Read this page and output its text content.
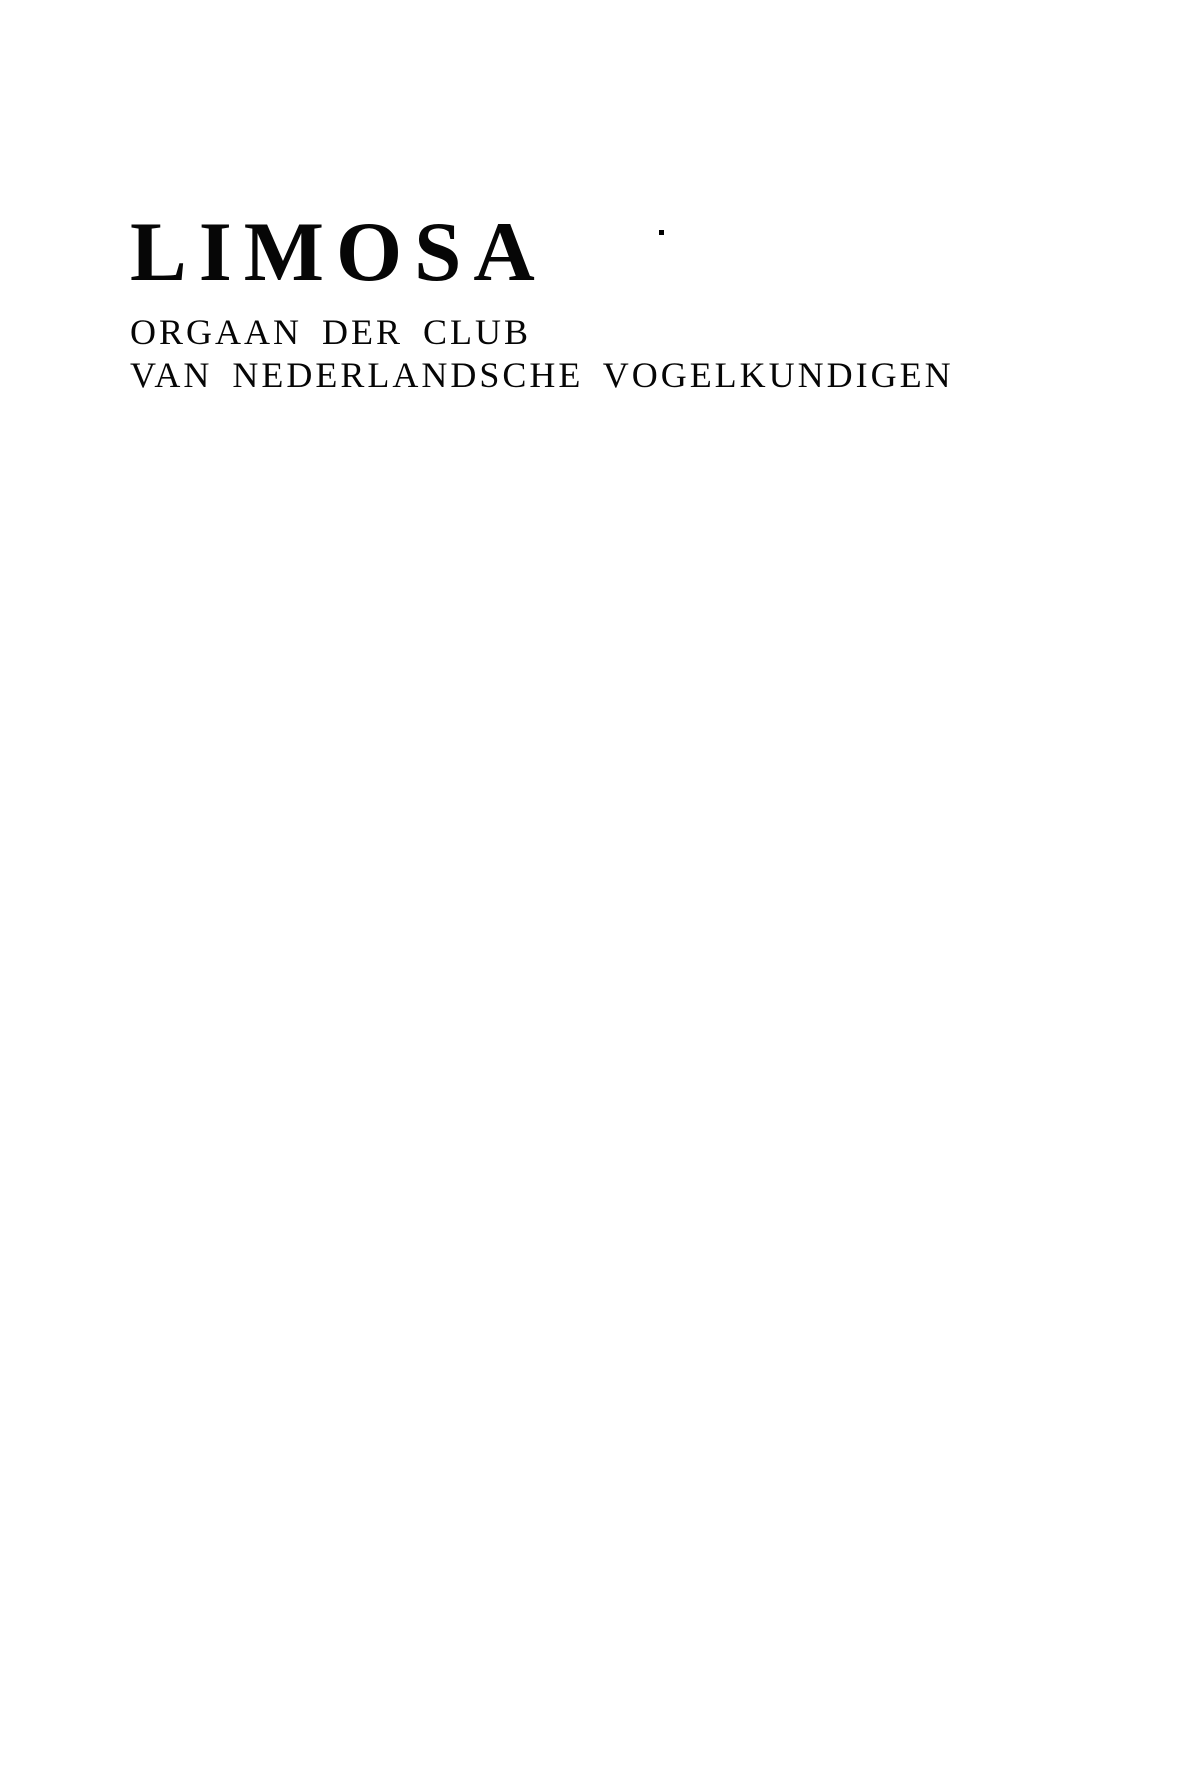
LIMOSA
ORGAAN DER CLUB
VAN NEDERLANDSCHE VOGELKUNDIGEN
